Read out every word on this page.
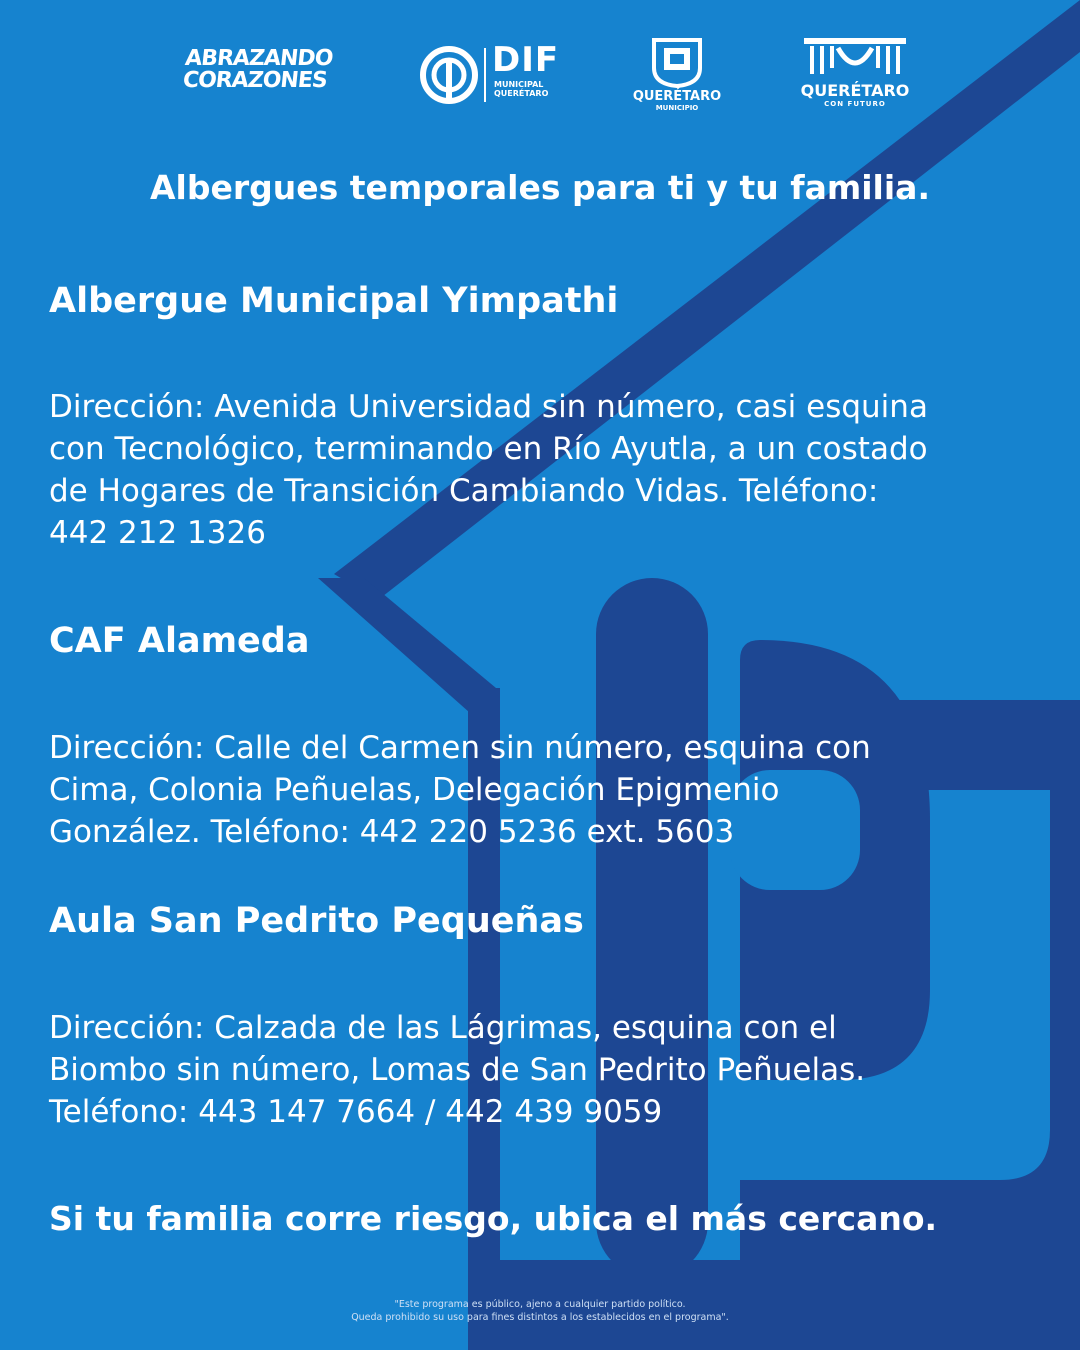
ABRAZANDO
CORAZONES
DIF
MUNICIPAL
QUERÉTARO	QUERÉTARO
MUNICIPIO
QUERÉTARO
CON FUTURO
Albergues temporales para ti y tu familia.
Albergue Municipal Yimpathi
Dirección: Avenida Universidad sin número, casi esquina
con Tecnológico, terminando en Río Ayutla, a un costado
de Hogares de Transición Cambiando Vidas. Teléfono:
442 212 1326
CAF Alameda
Dirección: Calle del Carmen sin número, esquina con
Cima, Colonia Peñuelas, Delegación Epigmenio
González. Teléfono: 442 220 5236 ext. 5603
Aula San Pedrito Pequeñas
Dirección: Calzada de las Lágrimas, esquina con el
Biombo sin número, Lomas de San Pedrito Peñuelas.
Teléfono: 443 147 7664 / 442 439 9059
Si tu familia corre riesgo, ubica el más cercano.
"Este programa es público, ajeno a cualquier partido político.
Queda prohibido su uso para fines distintos a los establecidos en el programa".
